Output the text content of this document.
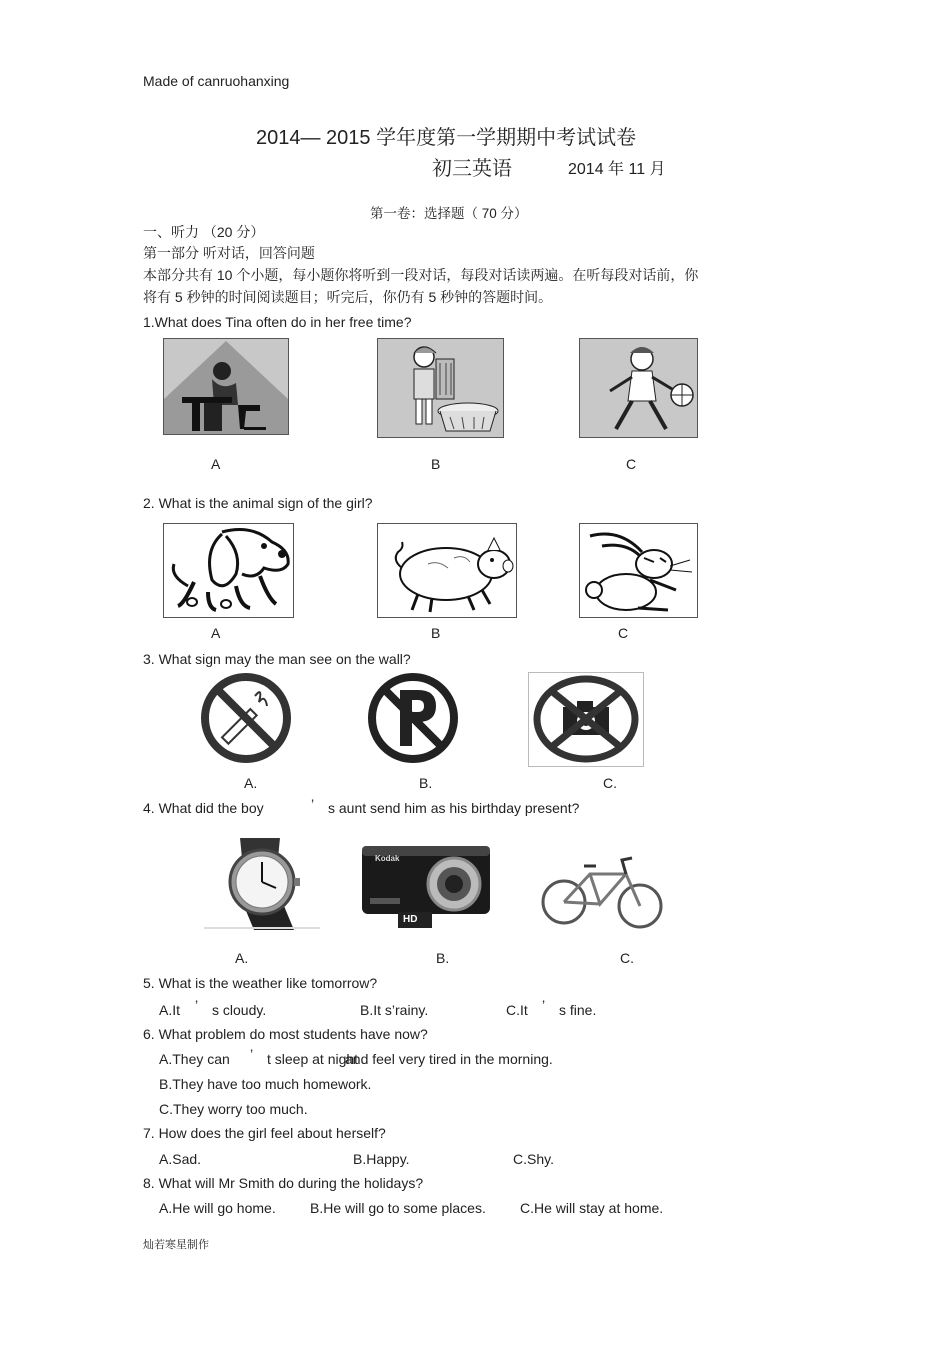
Made of canruohanxing
2014— 2015 学年度第一学期期中考试试卷
初三英语	2014 年 11 月
第一卷：选择题（ 70 分）
一、听力 （20 分）
第一部分 听对话，回答问题
本部分共有 10 个小题，每小题你将听到一段对话，每段对话读两遍。在听每段对话前，你
将有 5 秒钟的时间阅读题目；听完后，你仍有 5 秒钟的答题时间。
1.What does Tina often do in her free time?
A	B	C
2. What is the animal sign of the girl?
A	B	C
3. What sign may the man see on the wall?
A.	B.	C.
4. What did the boy	’ s aunt send him as his birthday present?
Kodak
HD
A.	B.	C.
5. What is the weather like tomorrow?
A.It ’ s cloudy.	B.It s’rainy.	C.It ’ s fine.
6. What problem do most students have now?
A.They can ’ t sleep at night
and feel very tired in the morning.
B.They have too much homework.
C.They worry too much.
7. How does the girl feel about herself?
A.Sad.	B.Happy.	C.Shy.
8. What will Mr Smith do during the holidays?
A.He will go home. B.He will go to some places. C.He will stay at home.
灿若寒星制作
